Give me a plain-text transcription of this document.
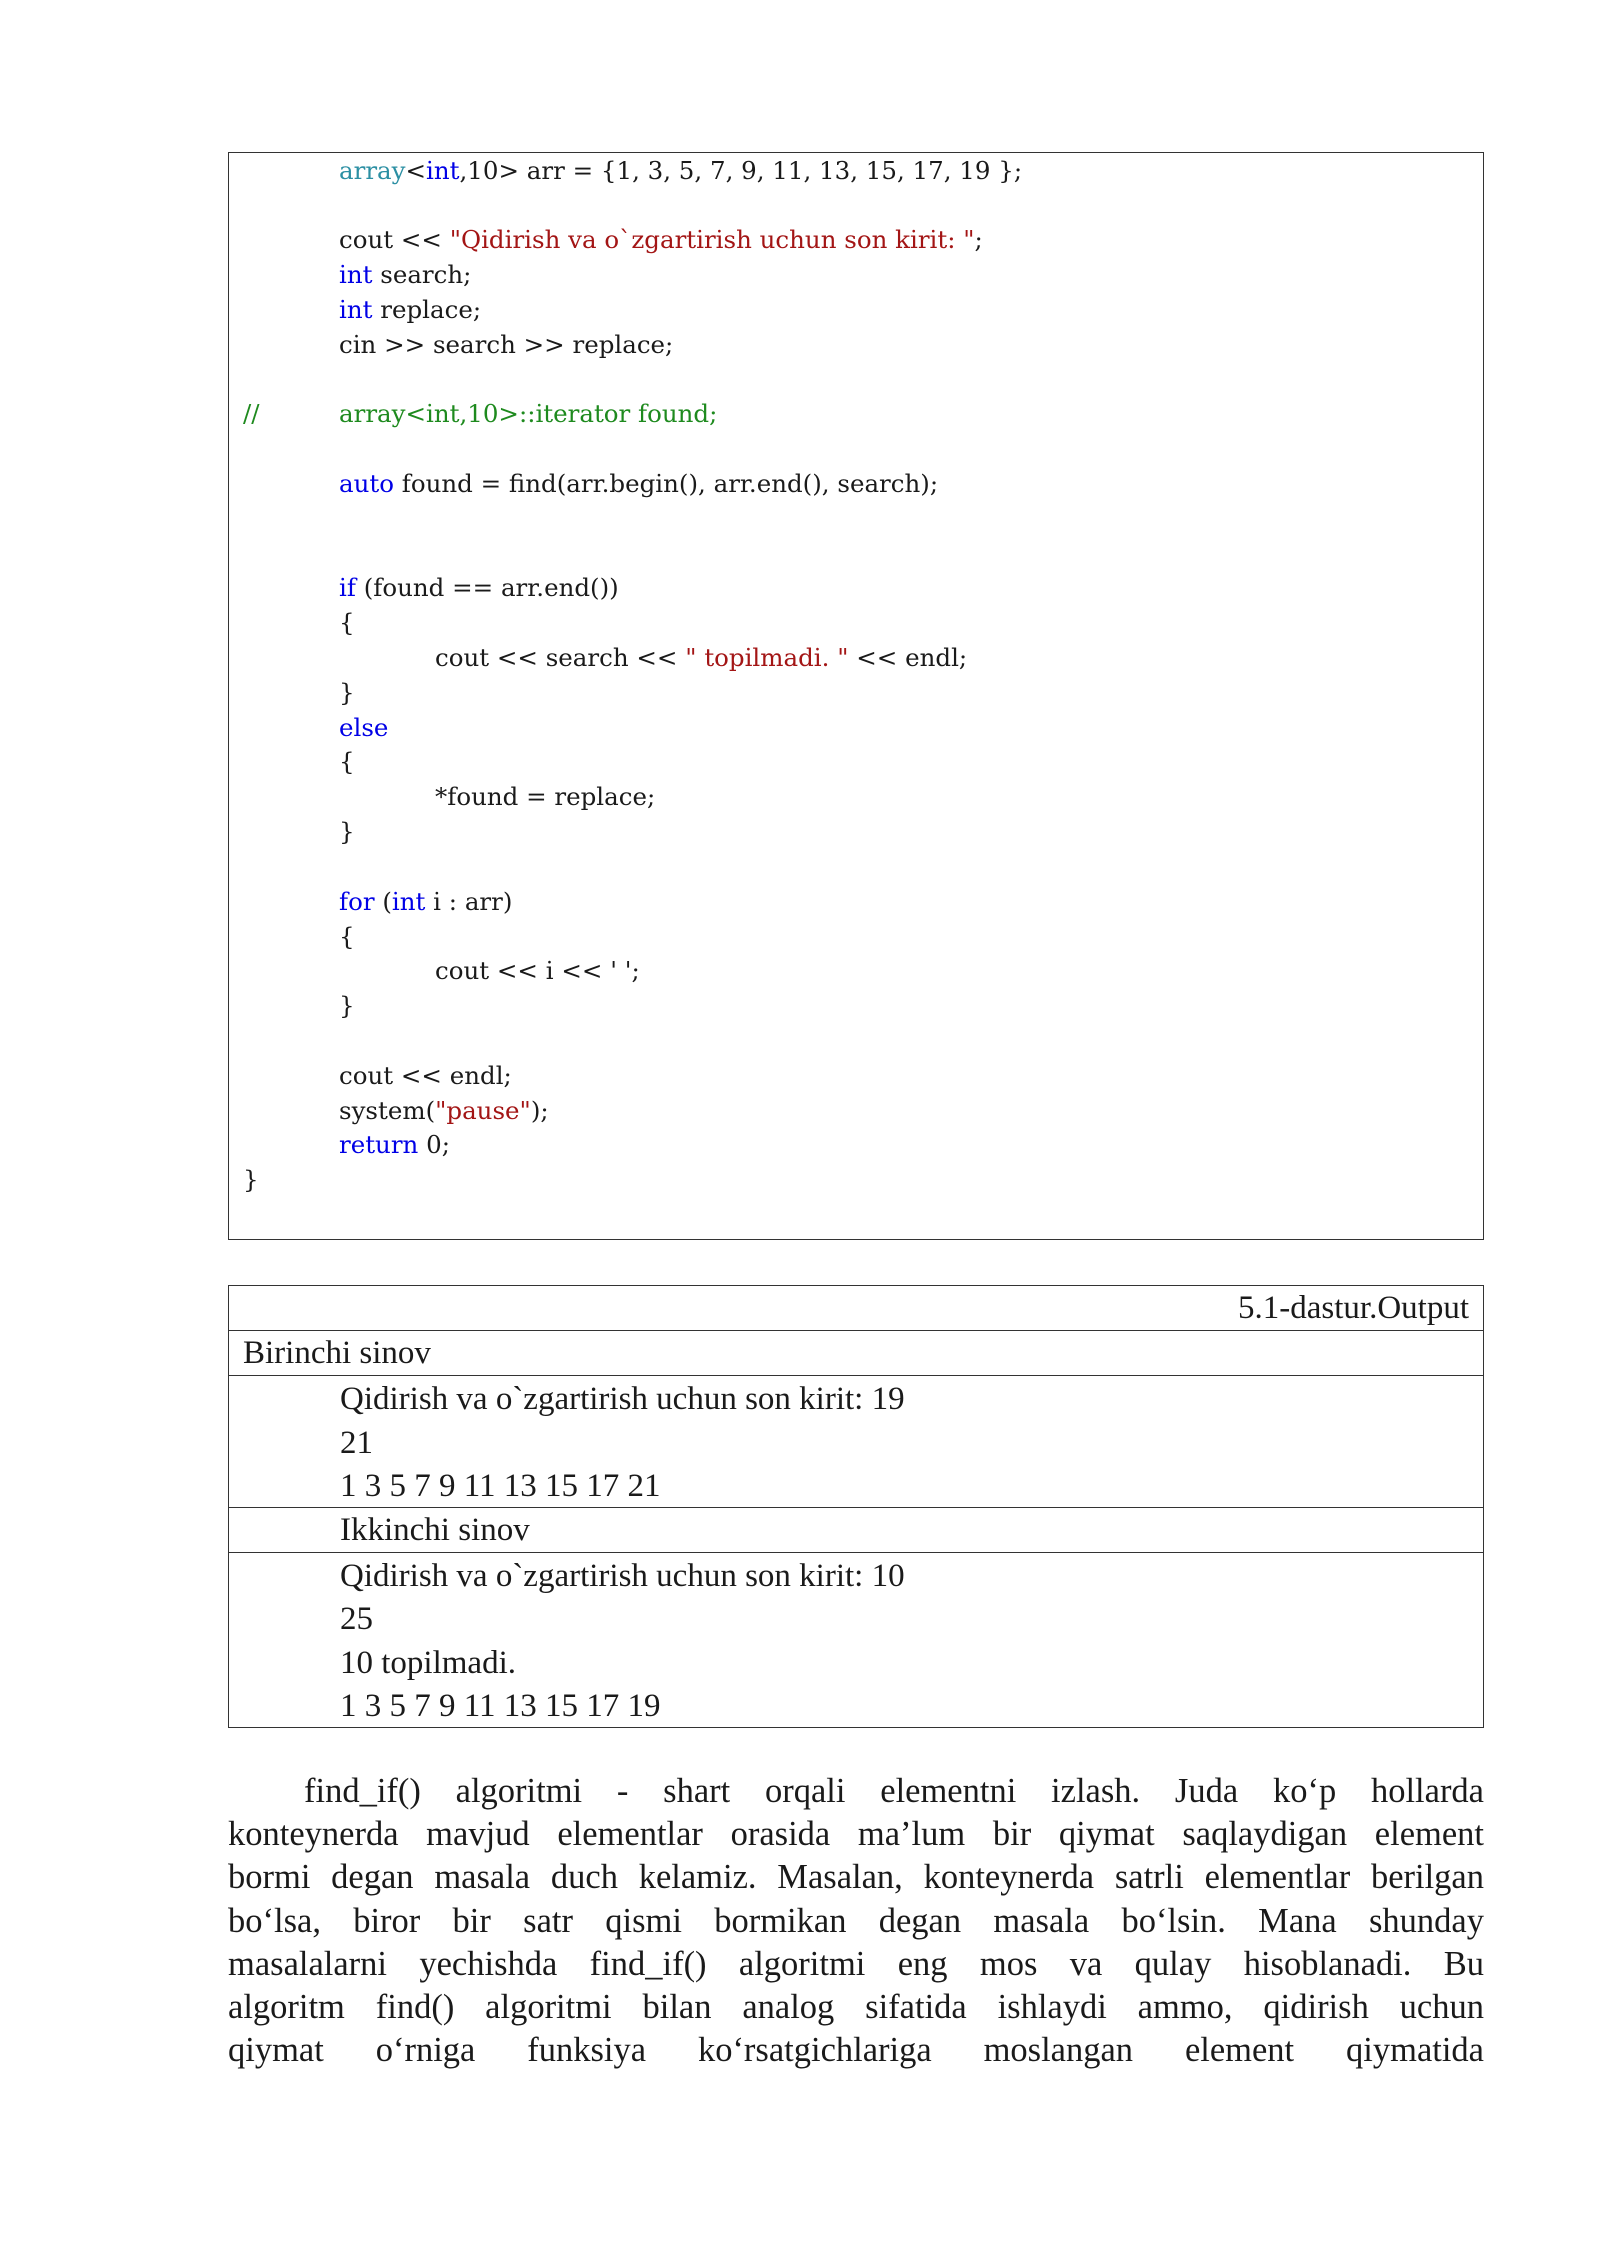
array<int,10> arr = {1, 3, 5, 7, 9, 11, 13, 15, 17, 19 };
cout << "Qidirish va o`zgartirish uchun son kirit: ";
int search;
int replace;
cin >> search >> replace;
//	array<int,10>::iterator found;
auto found = find(arr.begin(), arr.end(), search);
if (found == arr.end())
{
cout << search << " topilmadi. " << endl;
}
else
{
*found = replace;
}
for (int i : arr)
{
cout << i << ' ';
}
cout << endl;
system("pause");
return 0;
}
5.1-dastur.Output
Birinchi sinov

Qidirish va o`zgartirish uchun son kirit: 19
21
1 3 5 7 9 11 13 15 17 21

Ikkinchi sinov

Qidirish va o`zgartirish uchun son kirit: 10
25
10 topilmadi.
1 3 5 7 9 11 13 15 17 19
find_if() algoritmi - shart orqali elementni izlash. Juda ko‘p hollarda
konteynerda mavjud elementlar orasida ma’lum bir qiymat saqlaydigan element
bormi degan masala duch kelamiz. Masalan, konteynerda satrli elementlar berilgan
bo‘lsa, biror bir satr qismi bormikan degan masala bo‘lsin. Mana shunday
masalalarni yechishda find_if() algoritmi eng mos va qulay hisoblanadi. Bu
algoritm find() algoritmi bilan analog sifatida ishlaydi ammo, qidirish uchun
qiymat o‘rniga funksiya ko‘rsatgichlariga moslangan element qiymatida
